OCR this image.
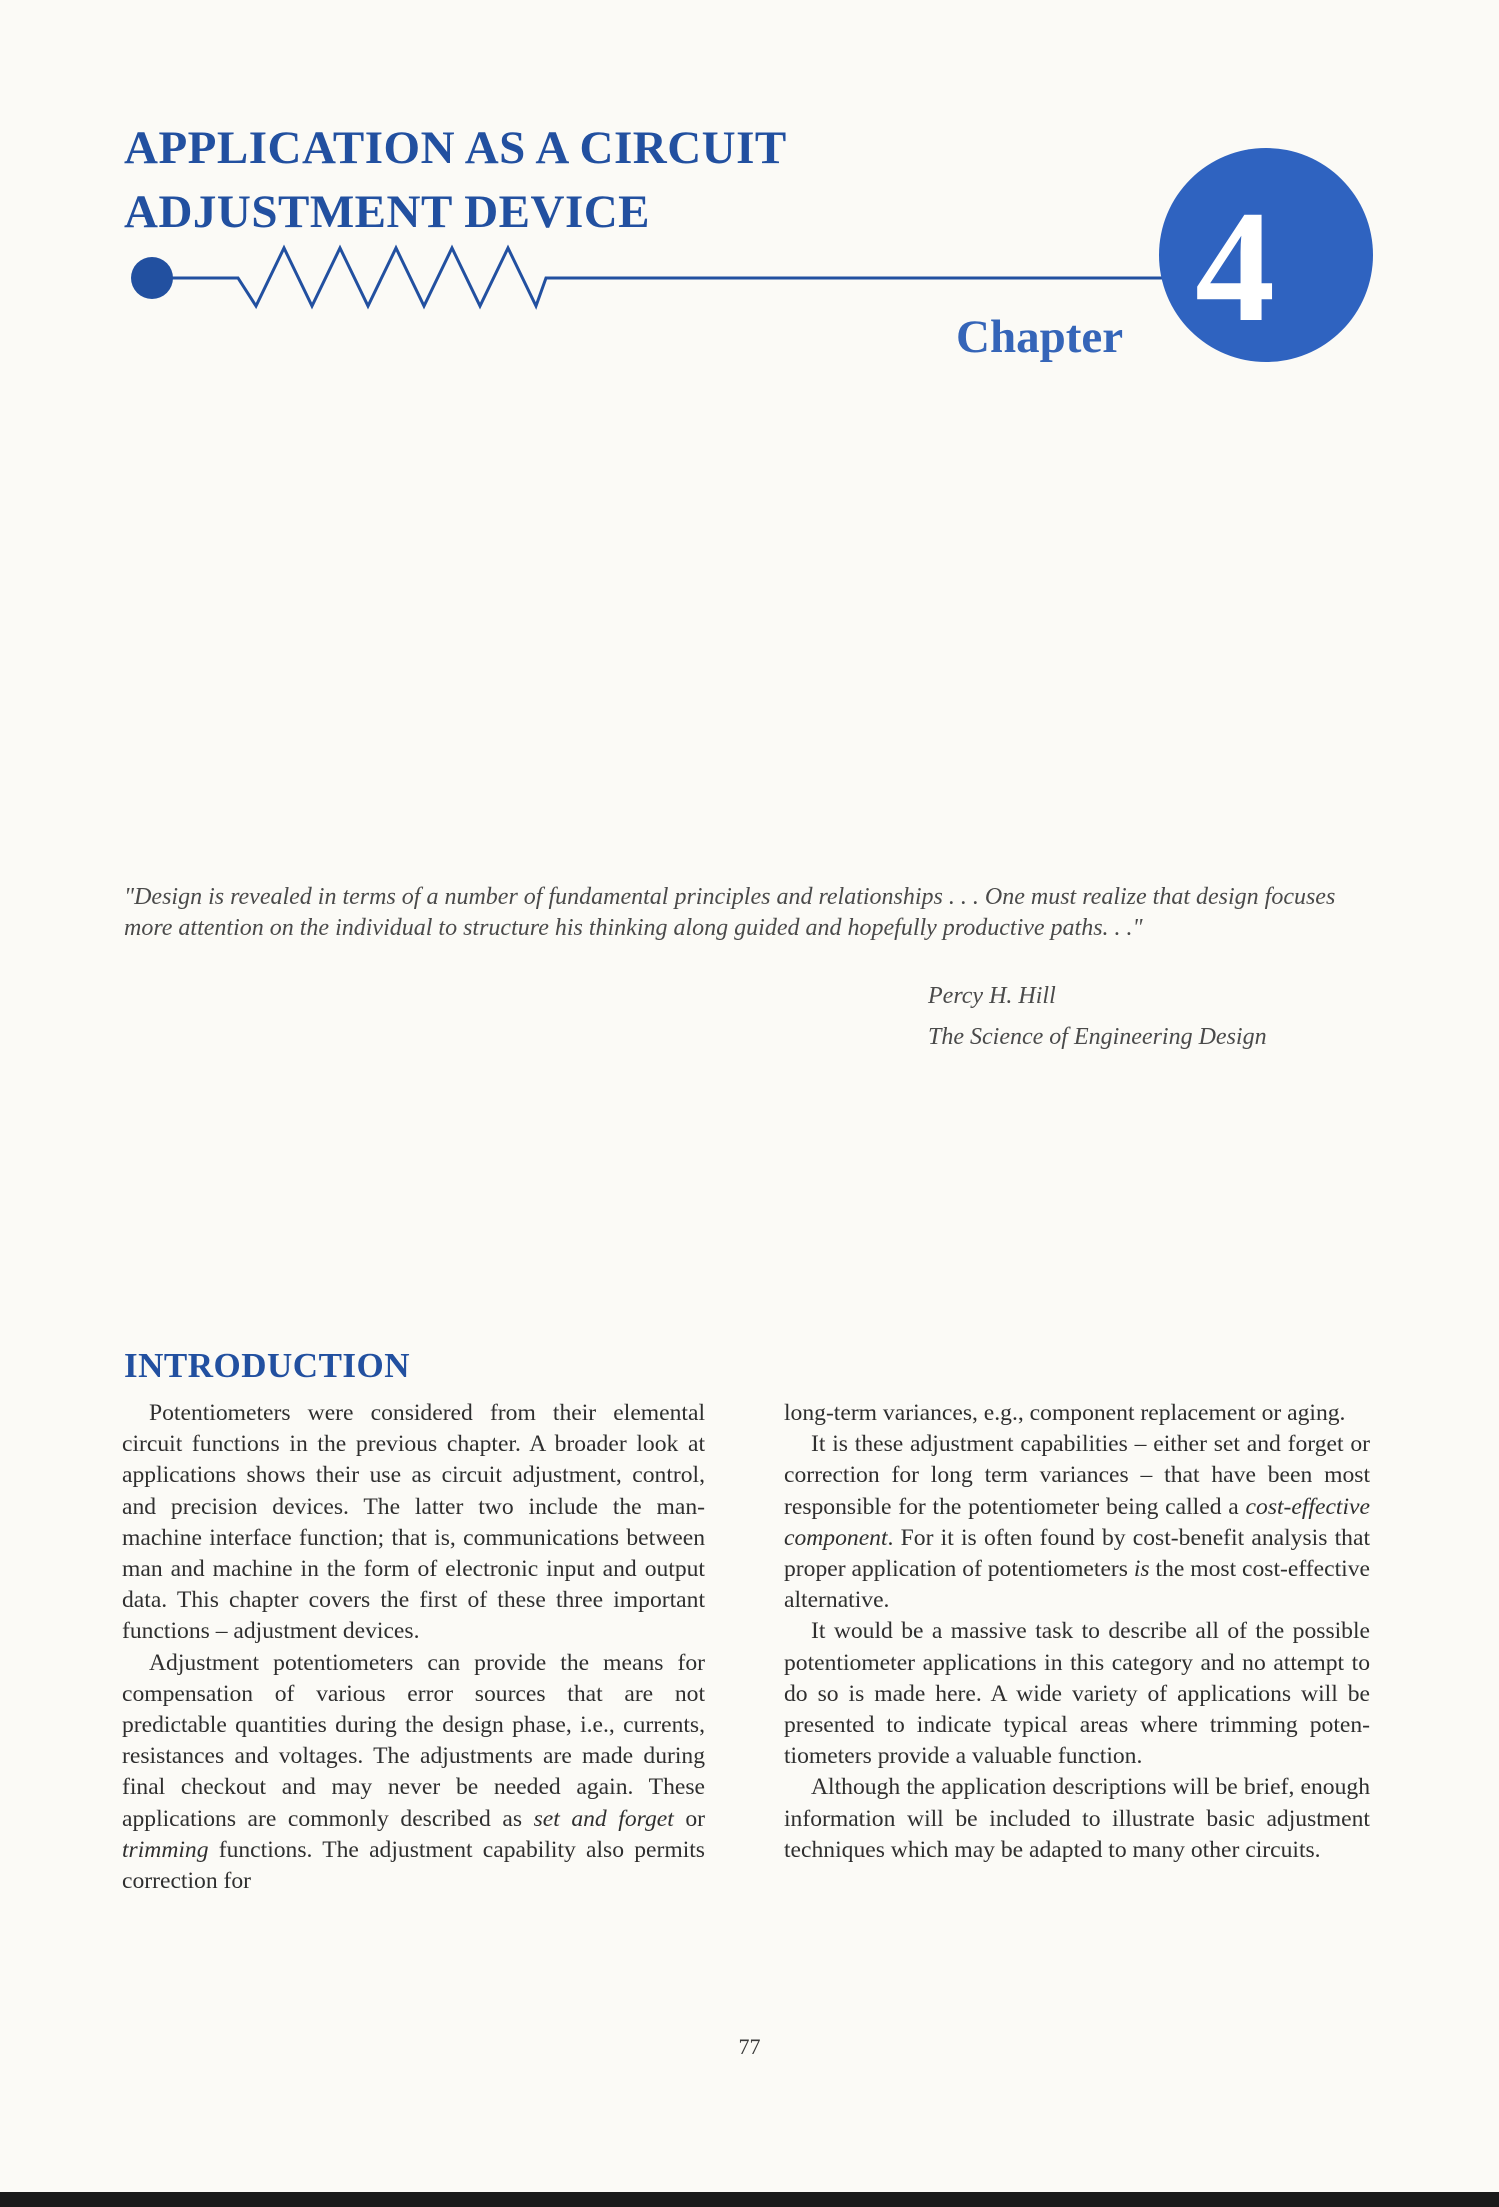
APPLICATION AS A CIRCUIT
ADJUSTMENT DEVICE
Chapter 4

"Design is revealed in terms of a number of fundamental principles and relationships . . . One must realize that design focuses more attention on the individual to structure his thinking along guided and hopefully productive paths. . ."

Percy H. Hill
The Science of Engineering Design
INTRODUCTION

Potentiometers were considered from their elemental circuit functions in the previous chapter. A broader look at applications shows their use as circuit adjustment, control, and precision devices. The latter two include the man-machine interface function; that is, communications between man and machine in the form of electronic input and output data. This chapter covers the first of these three important functions – adjustment devices.

Adjustment potentiometers can provide the means for compensation of various error sources that are not predictable quantities during the design phase, i.e., currents, resistances and voltages. The adjustments are made during final checkout and may never be needed again. These applications are commonly described as set and forget or trimming functions. The adjustment capability also permits correction for

long-term variances, e.g., component replacement or aging.

It is these adjustment capabilities – either set and forget or correction for long term variances – that have been most responsible for the potentiometer being called a cost-effective component. For it is often found by cost-benefit analysis that proper application of potentiometers is the most cost-effective alternative.

It would be a massive task to describe all of the possible potentiometer applications in this category and no attempt to do so is made here. A wide variety of applications will be presented to indicate typical areas where trimming potentiometers provide a valuable function.

Although the application descriptions will be brief, enough information will be included to illustrate basic adjustment techniques which may be adapted to many other circuits.

77
